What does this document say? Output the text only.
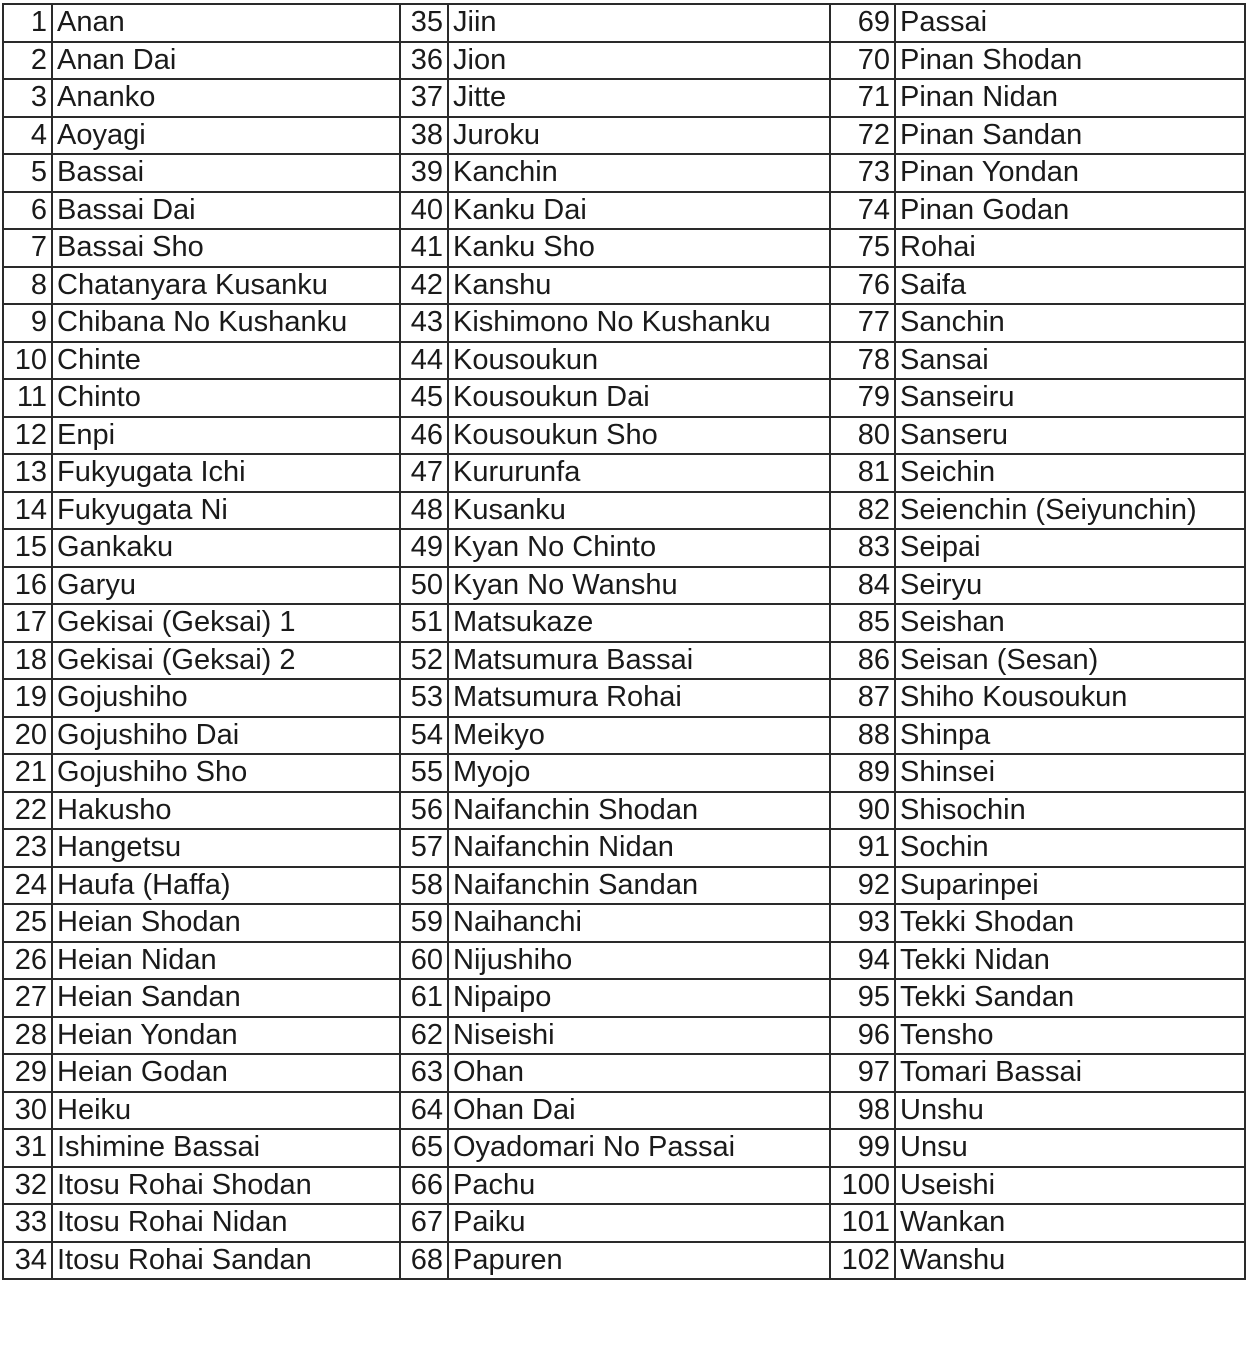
1	Anan	35	Jiin	69	Passai
2	Anan Dai	36	Jion	70	Pinan Shodan
3	Ananko	37	Jitte	71	Pinan Nidan
4	Aoyagi	38	Juroku	72	Pinan Sandan
5	Bassai	39	Kanchin	73	Pinan Yondan
6	Bassai Dai	40	Kanku Dai	74	Pinan Godan
7	Bassai Sho	41	Kanku Sho	75	Rohai
8	Chatanyara Kusanku	42	Kanshu	76	Saifa
9	Chibana No Kushanku	43	Kishimono No Kushanku	77	Sanchin
10	Chinte	44	Kousoukun	78	Sansai
11	Chinto	45	Kousoukun Dai	79	Sanseiru
12	Enpi	46	Kousoukun Sho	80	Sanseru
13	Fukyugata Ichi	47	Kururunfa	81	Seichin
14	Fukyugata Ni	48	Kusanku	82	Seienchin (Seiyunchin)
15	Gankaku	49	Kyan No Chinto	83	Seipai
16	Garyu	50	Kyan No Wanshu	84	Seiryu
17	Gekisai (Geksai) 1	51	Matsukaze	85	Seishan
18	Gekisai (Geksai) 2	52	Matsumura Bassai	86	Seisan (Sesan)
19	Gojushiho	53	Matsumura Rohai	87	Shiho Kousoukun
20	Gojushiho Dai	54	Meikyo	88	Shinpa
21	Gojushiho Sho	55	Myojo	89	Shinsei
22	Hakusho	56	Naifanchin Shodan	90	Shisochin
23	Hangetsu	57	Naifanchin Nidan	91	Sochin
24	Haufa (Haffa)	58	Naifanchin Sandan	92	Suparinpei
25	Heian Shodan	59	Naihanchi	93	Tekki Shodan
26	Heian Nidan	60	Nijushiho	94	Tekki Nidan
27	Heian Sandan	61	Nipaipo	95	Tekki Sandan
28	Heian Yondan	62	Niseishi	96	Tensho
29	Heian Godan	63	Ohan	97	Tomari Bassai
30	Heiku	64	Ohan Dai	98	Unshu
31	Ishimine Bassai	65	Oyadomari No Passai	99	Unsu
32	Itosu Rohai Shodan	66	Pachu	100	Useishi
33	Itosu Rohai Nidan	67	Paiku	101	Wankan
34	Itosu Rohai Sandan	68	Papuren	102	Wanshu
